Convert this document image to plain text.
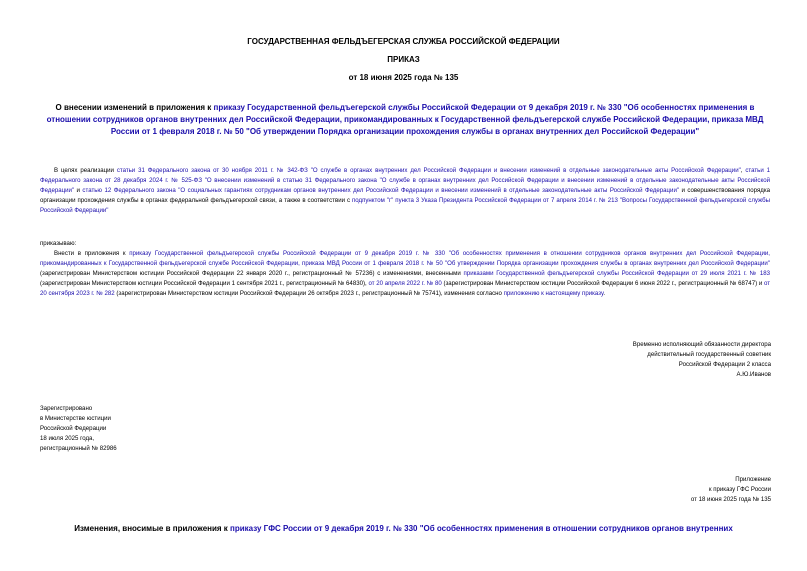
ГОСУДАРСТВЕННАЯ ФЕЛЬДЪЕГЕРСКАЯ СЛУЖБА РОССИЙСКОЙ ФЕДЕРАЦИИ
ПРИКАЗ
от 18 июня 2025 года № 135
О внесении изменений в приложения к приказу Государственной фельдъегерской службы Российской Федерации от 9 декабря 2019 г. № 330 "Об особенностях применения в отношении сотрудников органов внутренних дел Российской Федерации, прикомандированных к Государственной фельдъегерской службе Российской Федерации, приказа МВД России от 1 февраля 2018 г. № 50 "Об утверждении Порядка организации прохождения службы в органах внутренних дел Российской Федерации"
В целях реализации статьи 31 Федерального закона от 30 ноября 2011 г. № 342-ФЗ "О службе в органах внутренних дел Российской Федерации и внесении изменений в отдельные законодательные акты Российской Федерации", статьи 1 Федерального закона от 28 декабря 2024 г. № 525-ФЗ "О внесении изменений в статью 31 Федерального закона "О службе в органах внутренних дел Российской Федерации и внесении изменений в отдельные законодательные акты Российской Федерации" и статью 12 Федерального закона "О социальных гарантиях сотрудникам органов внутренних дел Российской Федерации и внесении изменений в отдельные законодательные акты Российской Федерации" и совершенствования порядка организации прохождения службы в органах федеральной фельдъегерской связи, а также в соответствии с подпунктом "г" пункта 3 Указа Президента Российской Федерации от 7 апреля 2014 г. № 213 "Вопросы Государственной фельдъегерской службы Российской Федерации"
приказываю:
Внести в приложения к приказу Государственной фельдъегерской службы Российской Федерации от 9 декабря 2019 г. № 330 "Об особенностях применения в отношении сотрудников органов внутренних дел Российской Федерации, прикомандированных к Государственной фельдъегерской службе Российской Федерации, приказа МВД России от 1 февраля 2018 г. № 50 "Об утверждении Порядка организации прохождения службы в органах внутренних дел Российской Федерации" (зарегистрирован Министерством юстиции Российской Федерации 22 января 2020 г., регистрационный № 57236) с изменениями, внесенными приказами Государственной фельдъегерской службы Российской Федерации от 29 июля 2021 г. № 183 (зарегистрирован Министерством юстиции Российской Федерации 1 сентября 2021 г., регистрационный № 64830), от 20 апреля 2022 г. № 80 (зарегистрирован Министерством юстиции Российской Федерации 6 июня 2022 г., регистрационный № 68747) и от 20 сентября 2023 г. № 282 (зарегистрирован Министерством юстиции Российской Федерации 26 октября 2023 г., регистрационный № 75741), изменения согласно приложению к настоящему приказу.
Временно исполняющий обязанности директора
действительный государственный советник
Российской Федерации 2 класса
А.Ю.Иванов
Зарегистрировано
в Министерстве юстиции
Российской Федерации
18 июля 2025 года,
регистрационный № 82986
Приложение
к приказу ГФС России
от 18 июня 2025 года № 135
Изменения, вносимые в приложения к приказу ГФС России от 9 декабря 2019 г. № 330 "Об особенностях применения в отношении сотрудников органов внутренних
